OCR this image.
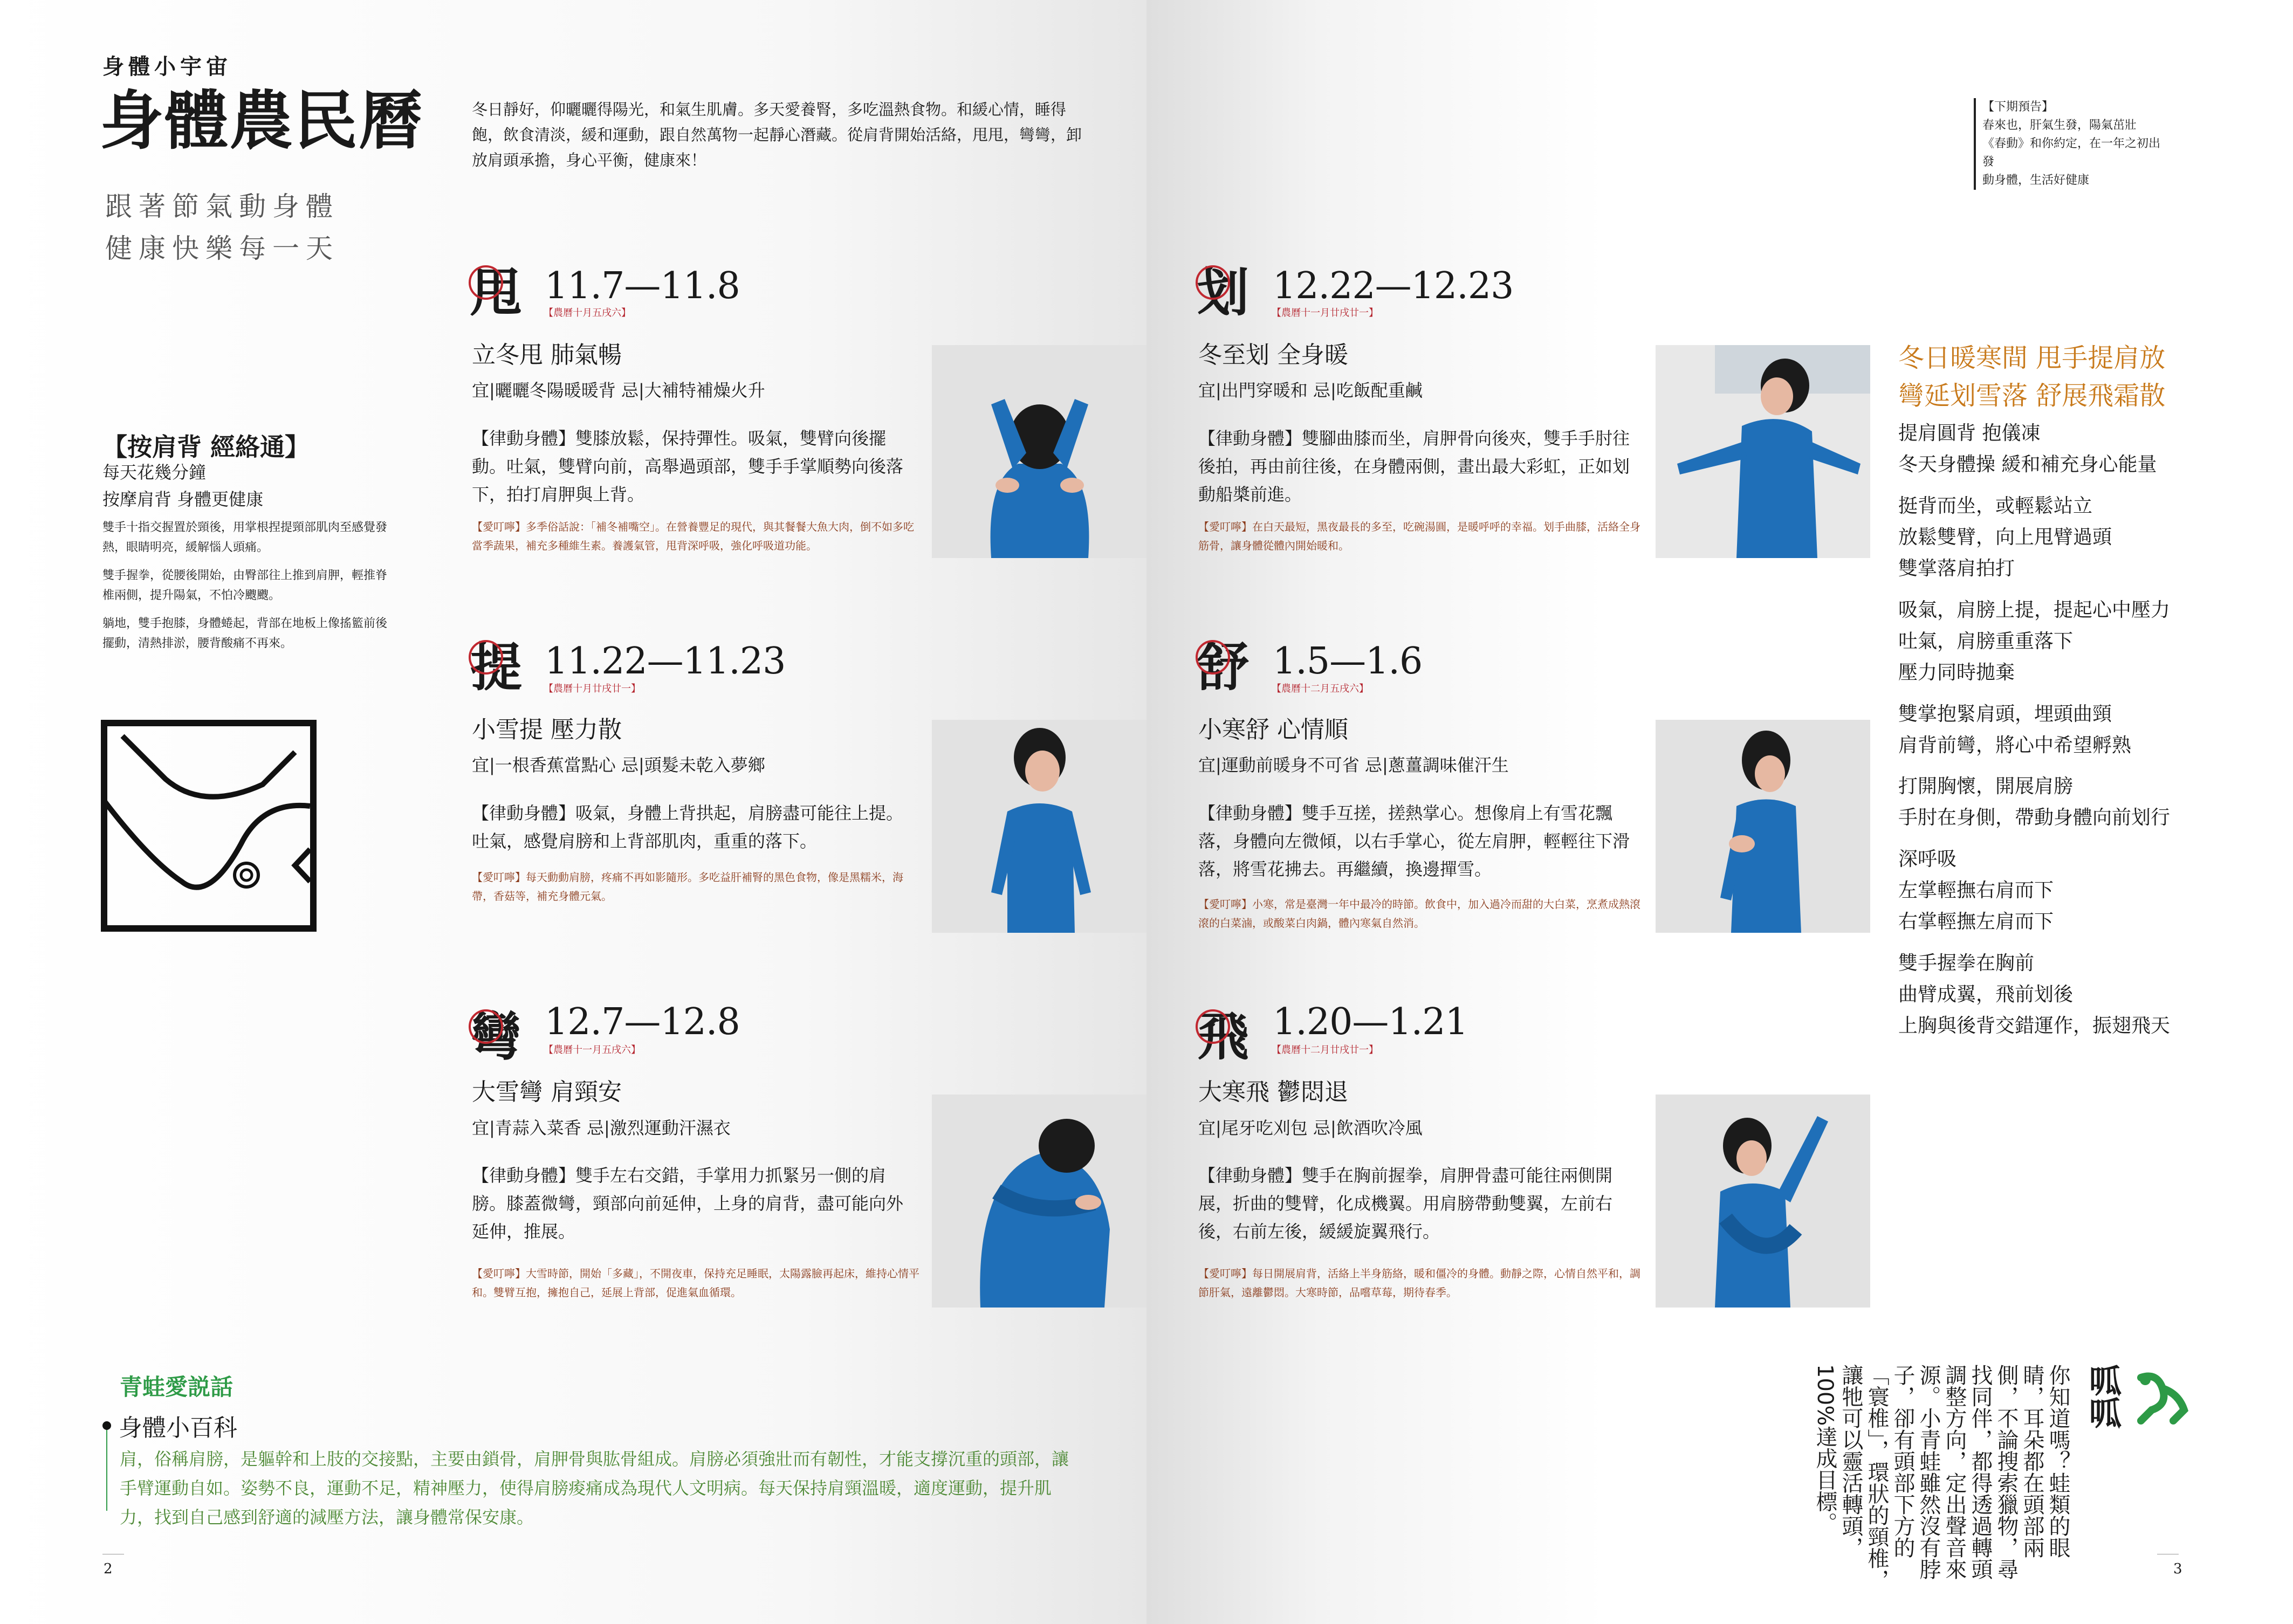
身體小宇宙
身體農民曆
跟著節氣動身體
健康快樂每一天
冬日靜好，仰曬曬得陽光，和氣生肌膚。多天愛養腎，多吃溫熱食物。和緩心情，睡得飽，飲食清淡，緩和運動，跟自然萬物一起靜心潛藏。從肩背開始活絡，甩甩，彎彎，卸放肩頭承擔，身心平衡，健康來！
【按肩背 經絡通】
每天花幾分鐘
按摩肩背 身體更健康

雙手十指交握置於頸後，用掌根捏提頸部肌肉至感覺發熱，眼睛明亮，緩解惱人頭痛。

雙手握拳，從腰後開始，由臀部往上推到肩胛，輕推脊椎兩側，提升陽氣，不怕冷颼颼。

躺地，雙手抱膝，身體蜷起，背部在地板上像搖籃前後擺動，清熱排淤，腰背酸痛不再來。

甩 11.7—11.8
【農曆十月五戌六】
立冬甩 肺氣暢
宜|曬曬冬陽暖暖背 忌|大補特補燥火升
【律動身體】雙膝放鬆，保持彈性。吸氣，雙臂向後擺動。吐氣，雙臂向前，高舉過頭部，雙手手掌順勢向後落下，拍打肩胛與上背。
【愛叮嚀】多季俗話說：「補冬補嘴空」。在營養豐足的現代，與其餐餐大魚大肉，倒不如多吃當季蔬果，補充多種維生素。養護氣管，甩背深呼吸，強化呼吸道功能。
提 11.22—11.23
【農曆十月廿戌廿一】
小雪提 壓力散
宜|一根香蕉當點心 忌|頭髮未乾入夢鄉
【律動身體】吸氣，身體上背拱起，肩膀盡可能往上提。吐氣，感覺肩膀和上背部肌肉，重重的落下。
【愛叮嚀】每天動動肩膀，疼痛不再如影隨形。多吃益肝補腎的黑色食物，像是黑糯米，海帶，香菇等，補充身體元氣。
彎 12.7—12.8
【農曆十一月五戌六】
大雪彎 肩頸安
宜|青蒜入菜香 忌|激烈運動汗濕衣
【律動身體】雙手左右交錯，手掌用力抓緊另一側的肩膀。膝蓋微彎，頸部向前延伸，上身的肩背，盡可能向外延伸，推展。
【愛叮嚀】大雪時節，開始「多藏」，不開夜車，保持充足睡眠，太陽露臉再起床，維持心情平和。雙臂互抱，擁抱自己，延展上背部，促進氣血循環。
划 12.22—12.23
【農曆十一月廿戌廿一】
冬至划 全身暖
宜|出門穿暖和 忌|吃飯配重鹹
【律動身體】雙腳曲膝而坐，肩胛骨向後夾，雙手手肘往後拍，再由前往後，在身體兩側，畫出最大彩虹，正如划動船槳前進。
【愛叮嚀】在白天最短，黑夜最長的多至，吃碗湯圓，是暖呼呼的幸福。划手曲膝，活絡全身筋骨，讓身體從體內開始暖和。
舒 1.5—1.6
【農曆十二月五戌六】
小寒舒 心情順
宜|運動前暖身不可省 忌|蔥薑調味催汗生
【律動身體】雙手互搓，搓熱掌心。想像肩上有雪花飄落，身體向左微傾，以右手掌心，從左肩胛，輕輕往下滑落，將雪花拂去。再繼續，換邊撣雪。
【愛叮嚀】小寒，常是臺灣一年中最冷的時節。飲食中，加入過冷而甜的大白菜，烹煮成熱滾滾的白菜滷，或酸菜白肉鍋，體內寒氣自然消。
飛 1.20—1.21
【農曆十二月廿戌廿一】
大寒飛 鬱悶退
宜|尾牙吃刈包 忌|飲酒吹冷風
【律動身體】雙手在胸前握拳，肩胛骨盡可能往兩側開展，折曲的雙臂，化成機翼。用肩膀帶動雙翼，左前右後，右前左後，緩緩旋翼飛行。
【愛叮嚀】每日開展肩背，活絡上半身筋絡，暖和僵冷的身體。動靜之際，心情自然平和，調節肝氣，遠離鬱悶。大寒時節，品嚐草莓，期待春季。
青蛙愛説話
身體小百科
肩，俗稱肩膀，是軀幹和上肢的交接點，主要由鎖骨，肩胛骨與肱骨組成。肩膀必須強壯而有韌性，才能支撐沉重的頭部，讓手臂運動自如。姿勢不良，運動不足，精神壓力，使得肩膀痠痛成為現代人文明病。每天保持肩頸溫暖，適度運動，提升肌力，找到自己感到舒適的減壓方法，讓身體常保安康。
2
【下期預告】
春來也，肝氣生發，陽氣茁壯
《春動》和你約定，在一年之初出發
動身體，生活好健康
冬日暖寒間 甩手提肩放
彎延划雪落 舒展飛霜散

提肩圓背 抱儀凍
冬天身體操 緩和補充身心能量

挺背而坐，或輕鬆站立
放鬆雙臂，向上甩臂過頭
雙掌落肩拍打

吸氣，肩膀上提，提起心中壓力
吐氣，肩膀重重落下
壓力同時拋棄

雙掌抱緊肩頭，埋頭曲頸
肩背前彎，將心中希望孵熟

打開胸懷，開展肩膀
手肘在身側，帶動身體向前划行

深呼吸
左掌輕撫右肩而下
右掌輕撫左肩而下

雙手握拳在胸前
曲臂成翼，飛前划後
上胸與後背交錯運作，振翅飛天

呱呱
你知道嗎？蛙類的眼睛，耳朵都在頭部兩側，不論搜索獵物，尋找同伴，都得透過轉頭調整方向，定出聲音來源。小青蛙雖然沒有脖子，卻有頭部下方的「寰椎」，環狀的頸椎，讓牠可以靈活轉頭，100%達成目標。
3
